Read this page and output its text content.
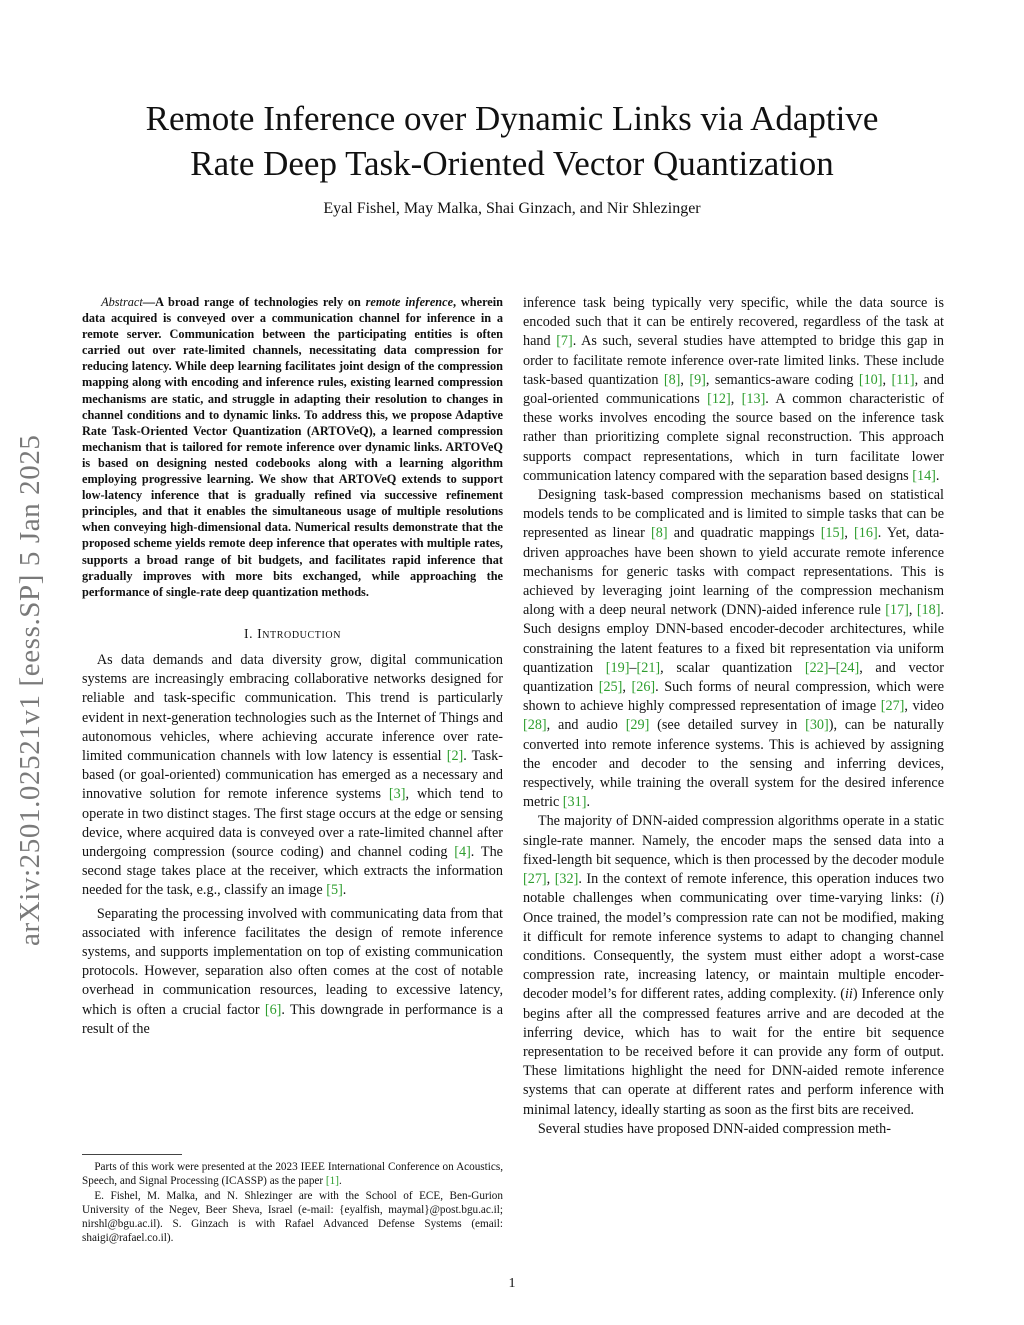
arXiv:2501.02521v1 [eess.SP] 5 Jan 2025
Remote Inference over Dynamic Links via Adaptive
Rate Deep Task-Oriented Vector Quantization
Eyal Fishel, May Malka, Shai Ginzach, and Nir Shlezinger

Abstract—A broad range of technologies rely on remote inference, wherein data acquired is conveyed over a communication channel for inference in a remote server. Communication between the participating entities is often carried out over rate-limited channels, necessitating data compression for reducing latency. While deep learning facilitates joint design of the compression mapping along with encoding and inference rules, existing learned compression mechanisms are static, and struggle in adapting their resolution to changes in channel conditions and to dynamic links. To address this, we propose Adaptive Rate Task-Oriented Vector Quantization (ARTOVeQ), a learned compression mechanism that is tailored for remote inference over dynamic links. ARTOVeQ is based on designing nested codebooks along with a learning algorithm employing progressive learning. We show that ARTOVeQ extends to support low-latency inference that is gradually refined via successive refinement principles, and that it enables the simultaneous usage of multiple resolutions when conveying high-dimensional data. Numerical results demonstrate that the proposed scheme yields remote deep inference that operates with multiple rates, supports a broad range of bit budgets, and facilitates rapid inference that gradually improves with more bits exchanged, while approaching the performance of single-rate deep quantization methods.

I. Introduction

As data demands and data diversity grow, digital communication systems are increasingly embracing collaborative networks designed for reliable and task-specific communication. This trend is particularly evident in next-generation technologies such as the Internet of Things and autonomous vehicles, where achieving accurate inference over rate-limited communication channels with low latency is essential [2]. Task-based (or goal-oriented) communication has emerged as a necessary and innovative solution for remote inference systems [3], which tend to operate in two distinct stages. The first stage occurs at the edge or sensing device, where acquired data is conveyed over a rate-limited channel after undergoing compression (source coding) and channel coding [4]. The second stage takes place at the receiver, which extracts the information needed for the task, e.g., classify an image [5].

Separating the processing involved with communicating data from that associated with inference facilitates the design of remote inference systems, and supports implementation on top of existing communication protocols. However, separation also often comes at the cost of notable overhead in communication resources, leading to excessive latency, which is often a crucial factor [6]. This downgrade in performance is a result of the

Parts of this work were presented at the 2023 IEEE International Conference on Acoustics, Speech, and Signal Processing (ICASSP) as the paper [1].

E. Fishel, M. Malka, and N. Shlezinger are with the School of ECE, Ben-Gurion University of the Negev, Beer Sheva, Israel (e-mail: {eyalfish, maymal}@post.bgu.ac.il; nirshl@bgu.ac.il). S. Ginzach is with Rafael Advanced Defense Systems (email: shaigi@rafael.co.il).

inference task being typically very specific, while the data source is encoded such that it can be entirely recovered, regardless of the task at hand [7]. As such, several studies have attempted to bridge this gap in order to facilitate remote inference over-rate limited links. These include task-based quantization [8], [9], semantics-aware coding [10], [11], and goal-oriented communications [12], [13]. A common characteristic of these works involves encoding the source based on the inference task rather than prioritizing complete signal reconstruction. This approach supports compact representations, which in turn facilitate lower communication latency compared with the separation based designs [14].

Designing task-based compression mechanisms based on statistical models tends to be complicated and is limited to simple tasks that can be represented as linear [8] and quadratic mappings [15], [16]. Yet, data-driven approaches have been shown to yield accurate remote inference mechanisms for generic tasks with compact representations. This is achieved by leveraging joint learning of the compression mechanism along with a deep neural network (DNN)-aided inference rule [17], [18]. Such designs employ DNN-based encoder-decoder architectures, while constraining the latent features to a fixed bit representation via uniform quantization [19]–[21], scalar quantization [22]–[24], and vector quantization [25], [26]. Such forms of neural compression, which were shown to achieve highly compressed representation of image [27], video [28], and audio [29] (see detailed survey in [30]), can be naturally converted into remote inference systems. This is achieved by assigning the encoder and decoder to the sensing and inferring devices, respectively, while training the overall system for the desired inference metric [31].

The majority of DNN-aided compression algorithms operate in a static single-rate manner. Namely, the encoder maps the sensed data into a fixed-length bit sequence, which is then processed by the decoder module [27], [32]. In the context of remote inference, this operation induces two notable challenges when communicating over time-varying links: (i) Once trained, the model’s compression rate can not be modified, making it difficult for remote inference systems to adapt to changing channel conditions. Consequently, the system must either adopt a worst-case compression rate, increasing latency, or maintain multiple encoder-decoder model’s for different rates, adding complexity. (ii) Inference only begins after all the compressed features arrive and are decoded at the inferring device, which has to wait for the entire bit sequence representation to be received before it can provide any form of output. These limitations highlight the need for DNN-aided remote inference systems that can operate at different rates and perform inference with minimal latency, ideally starting as soon as the first bits are received.

Several studies have proposed DNN-aided compression meth-

1
